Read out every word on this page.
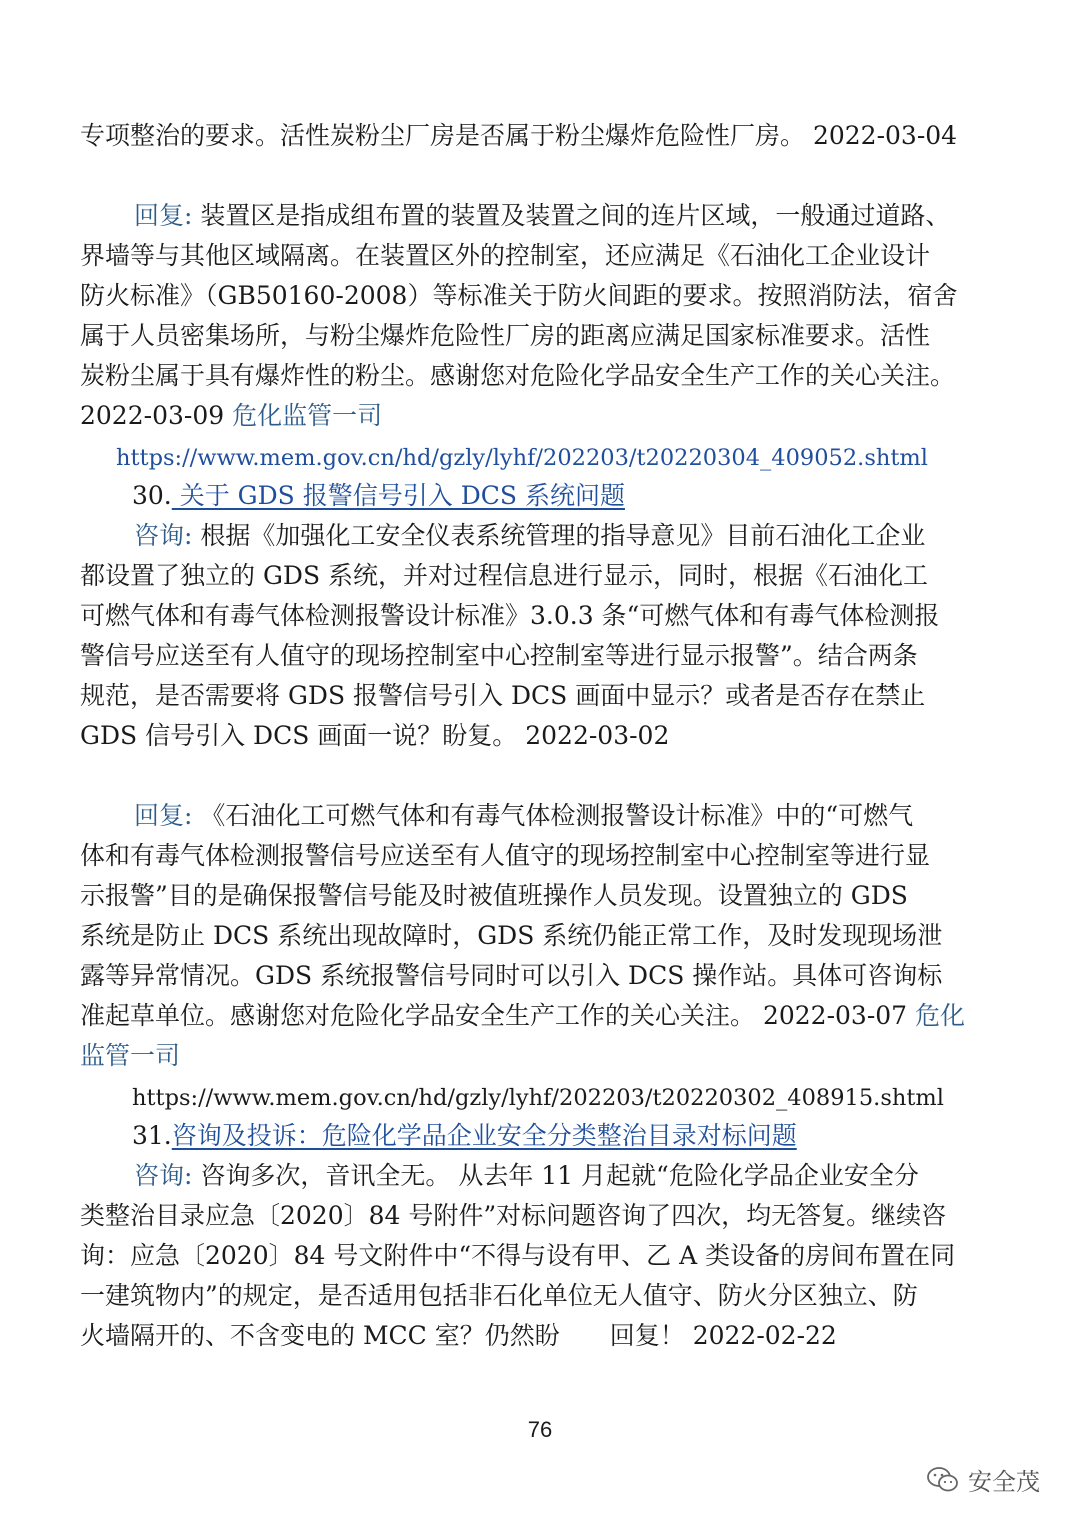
专项整治的要求。活性炭粉尘厂房是否属于粉尘爆炸危险性厂房。 2022-03-04
回复: 装置区是指成组布置的装置及装置之间的连片区域，一般通过道路、
界墙等与其他区域隔离。在装置区外的控制室，还应满足《石油化工企业设计
防火标准》（GB50160-2008）等标准关于防火间距的要求。按照消防法，宿舍
属于人员密集场所，与粉尘爆炸危险性厂房的距离应满足国家标准要求。活性
炭粉尘属于具有爆炸性的粉尘。感谢您对危险化学品安全生产工作的关心关注。
2022-03-09 危化监管一司
https://www.mem.gov.cn/hd/gzly/lyhf/202203/t20220304_409052.shtml
30. 关于 GDS 报警信号引入 DCS 系统问题
咨询: 根据《加强化工安全仪表系统管理的指导意见》目前石油化工企业
都设置了独立的 GDS 系统，并对过程信息进行显示，同时，根据《石油化工
可燃气体和有毒气体检测报警设计标准》3.0.3 条“可燃气体和有毒气体检测报
警信号应送至有人值守的现场控制室中心控制室等进行显示报警”。结合两条
规范，是否需要将 GDS 报警信号引入 DCS 画面中显示？或者是否存在禁止
GDS 信号引入 DCS 画面一说？盼复。 2022-03-02
回复: 《石油化工可燃气体和有毒气体检测报警设计标准》中的“可燃气
体和有毒气体检测报警信号应送至有人值守的现场控制室中心控制室等进行显
示报警”目的是确保报警信号能及时被值班操作人员发现。设置独立的 GDS
系统是防止 DCS 系统出现故障时，GDS 系统仍能正常工作，及时发现现场泄
露等异常情况。GDS 系统报警信号同时可以引入 DCS 操作站。具体可咨询标
准起草单位。感谢您对危险化学品安全生产工作的关心关注。 2022-03-07 危化
监管一司
https://www.mem.gov.cn/hd/gzly/lyhf/202203/t20220302_408915.shtml
31.咨询及投诉：危险化学品企业安全分类整治目录对标问题
咨询: 咨询多次，音讯全无。 从去年 11 月起就“危险化学品企业安全分
类整治目录应急〔2020〕84 号附件”对标问题咨询了四次，均无答复。继续咨
询：应急〔2020〕84 号文附件中“不得与设有甲、乙 A 类设备的房间布置在同
一建筑物内”的规定，是否适用包括非石化单位无人值守、防火分区独立、防
火墙隔开的、不含变电的 MCC 室？仍然盼　　回复！ 2022-02-22
76
安全茂
